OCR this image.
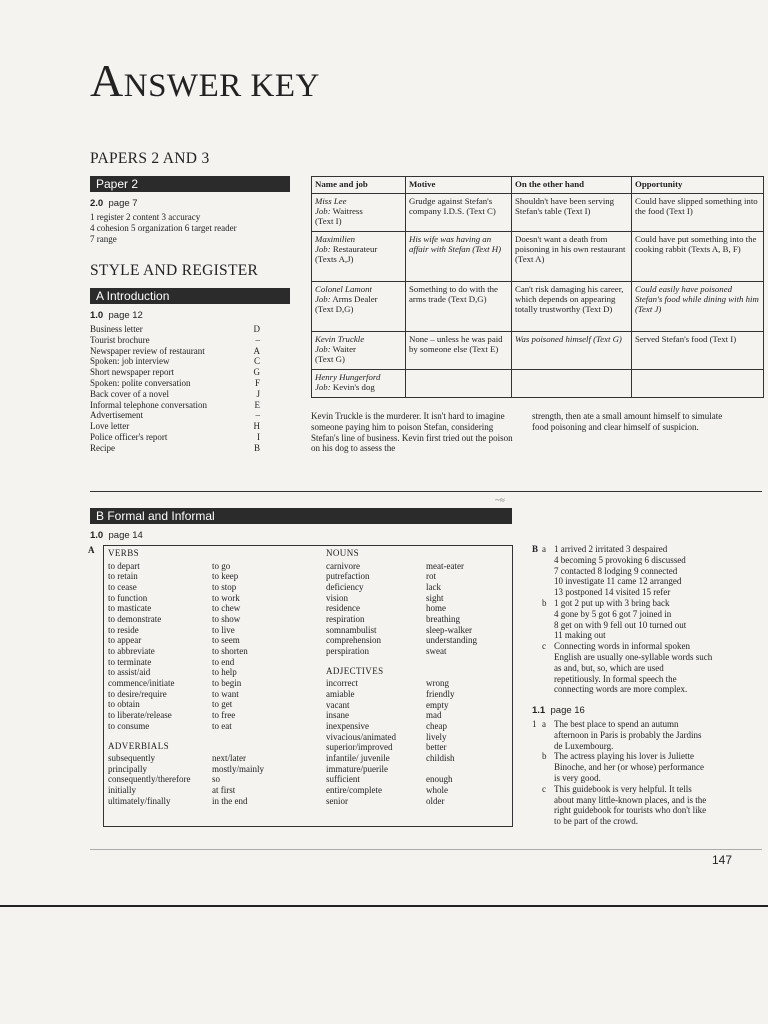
ANSWER KEY
PAPERS 2 AND 3
Paper 2
2.0 page 7
1 register 2 content 3 accuracy
4 cohesion 5 organization 6 target reader
7 range
STYLE AND REGISTER
A Introduction
1.0 page 12
Business letter	D
Tourist brochure	–
Newspaper review of restaurant	A
Spoken: job interview	C
Short newspaper report	G
Spoken: polite conversation	F
Back cover of a novel	J
Informal telephone conversation	E
Advertisement	–
Love letter	H
Police officer's report	I
Recipe	B
Name and job	Motive	On the other hand	Opportunity

Miss Lee
Job: Waitress
(Text I)	Grudge against Stefan's company I.D.S. (Text C)	Shouldn't have been serving Stefan's table (Text I)	Could have slipped something into the food (Text I)

Maximilien
Job: Restaurateur
(Texts A,J)	His wife was having an affair with Stefan (Text H)	Doesn't want a death from poisoning in his own restaurant (Text A)	Could have put something into the cooking rabbit (Texts A, B, F)

Colonel Lamont
Job: Arms Dealer
(Text D,G)	Something to do with the arms trade (Text D,G)	Can't risk damaging his career, which depends on appearing totally trustworthy (Text D)	Could easily have poisoned Stefan's food while dining with him (Text J)

Kevin Truckle
Job: Waiter
(Text G)	None – unless he was paid by someone else (Text E)	Was poisoned himself (Text G)	Served Stefan's food (Text I)

Henry Hungerford
Job: Kevin's dog			

Kevin Truckle is the murderer. It isn't hard to imagine someone paying him to poison Stefan, considering Stefan's line of business. Kevin first tried out the poison on his dog to assess the
strength, then ate a small amount himself to simulate food poisoning and clear himself of suspicion.
~≈
B Formal and Informal
1.0 page 14
A VERBS
to depart	to go
to retain	to keep
to cease	to stop
to function	to work
to masticate	to chew
to demonstrate	to show
to reside	to live
to appear	to seem
to abbreviate	to shorten
to terminate	to end
to assist/aid	to help
commence/initiate	to begin
to desire/require	to want
to obtain	to get
to liberate/release	to free
to consume	to eat
ADVERBIALS
subsequently	next/later
principally	mostly/mainly
consequently/therefore	so
initially	at first
ultimately/finally	in the end
NOUNS
carnivore	meat-eater
putrefaction	rot
deficiency	lack
vision	sight
residence	home
respiration	breathing
somnambulist	sleep-walker
comprehension	understanding
perspiration	sweat
ADJECTIVES
incorrect	wrong
amiable	friendly
vacant	empty
insane	mad
inexpensive	cheap
vivacious/animated	lively
superior/improved	better
infantile/ juvenile	childish
immature/puerile
sufficient	enough
entire/complete	whole
senior	older
B a 1 arrived 2 irritated 3 despaired
4 becoming 5 provoking 6 discussed
7 contacted 8 lodging 9 connected
10 investigate 11 came 12 arranged
13 postponed 14 visited 15 refer
b 1 got 2 put up with 3 bring back
4 gone by 5 got 6 got 7 joined in
8 get on with 9 fell out 10 turned out
11 making out
c Connecting words in informal spoken
English are usually one-syllable words such
as and, but, so, which are used
repetitiously. In formal speech the
connecting words are more complex.
1.1 page 16
1 a The best place to spend an autumn
afternoon in Paris is probably the Jardins
de Luxembourg.
b The actress playing his lover is Juliette
Binoche, and her (or whose) performance
is very good.
c This guidebook is very helpful. It tells
about many little-known places, and is the
right guidebook for tourists who don't like
to be part of the crowd.
147
